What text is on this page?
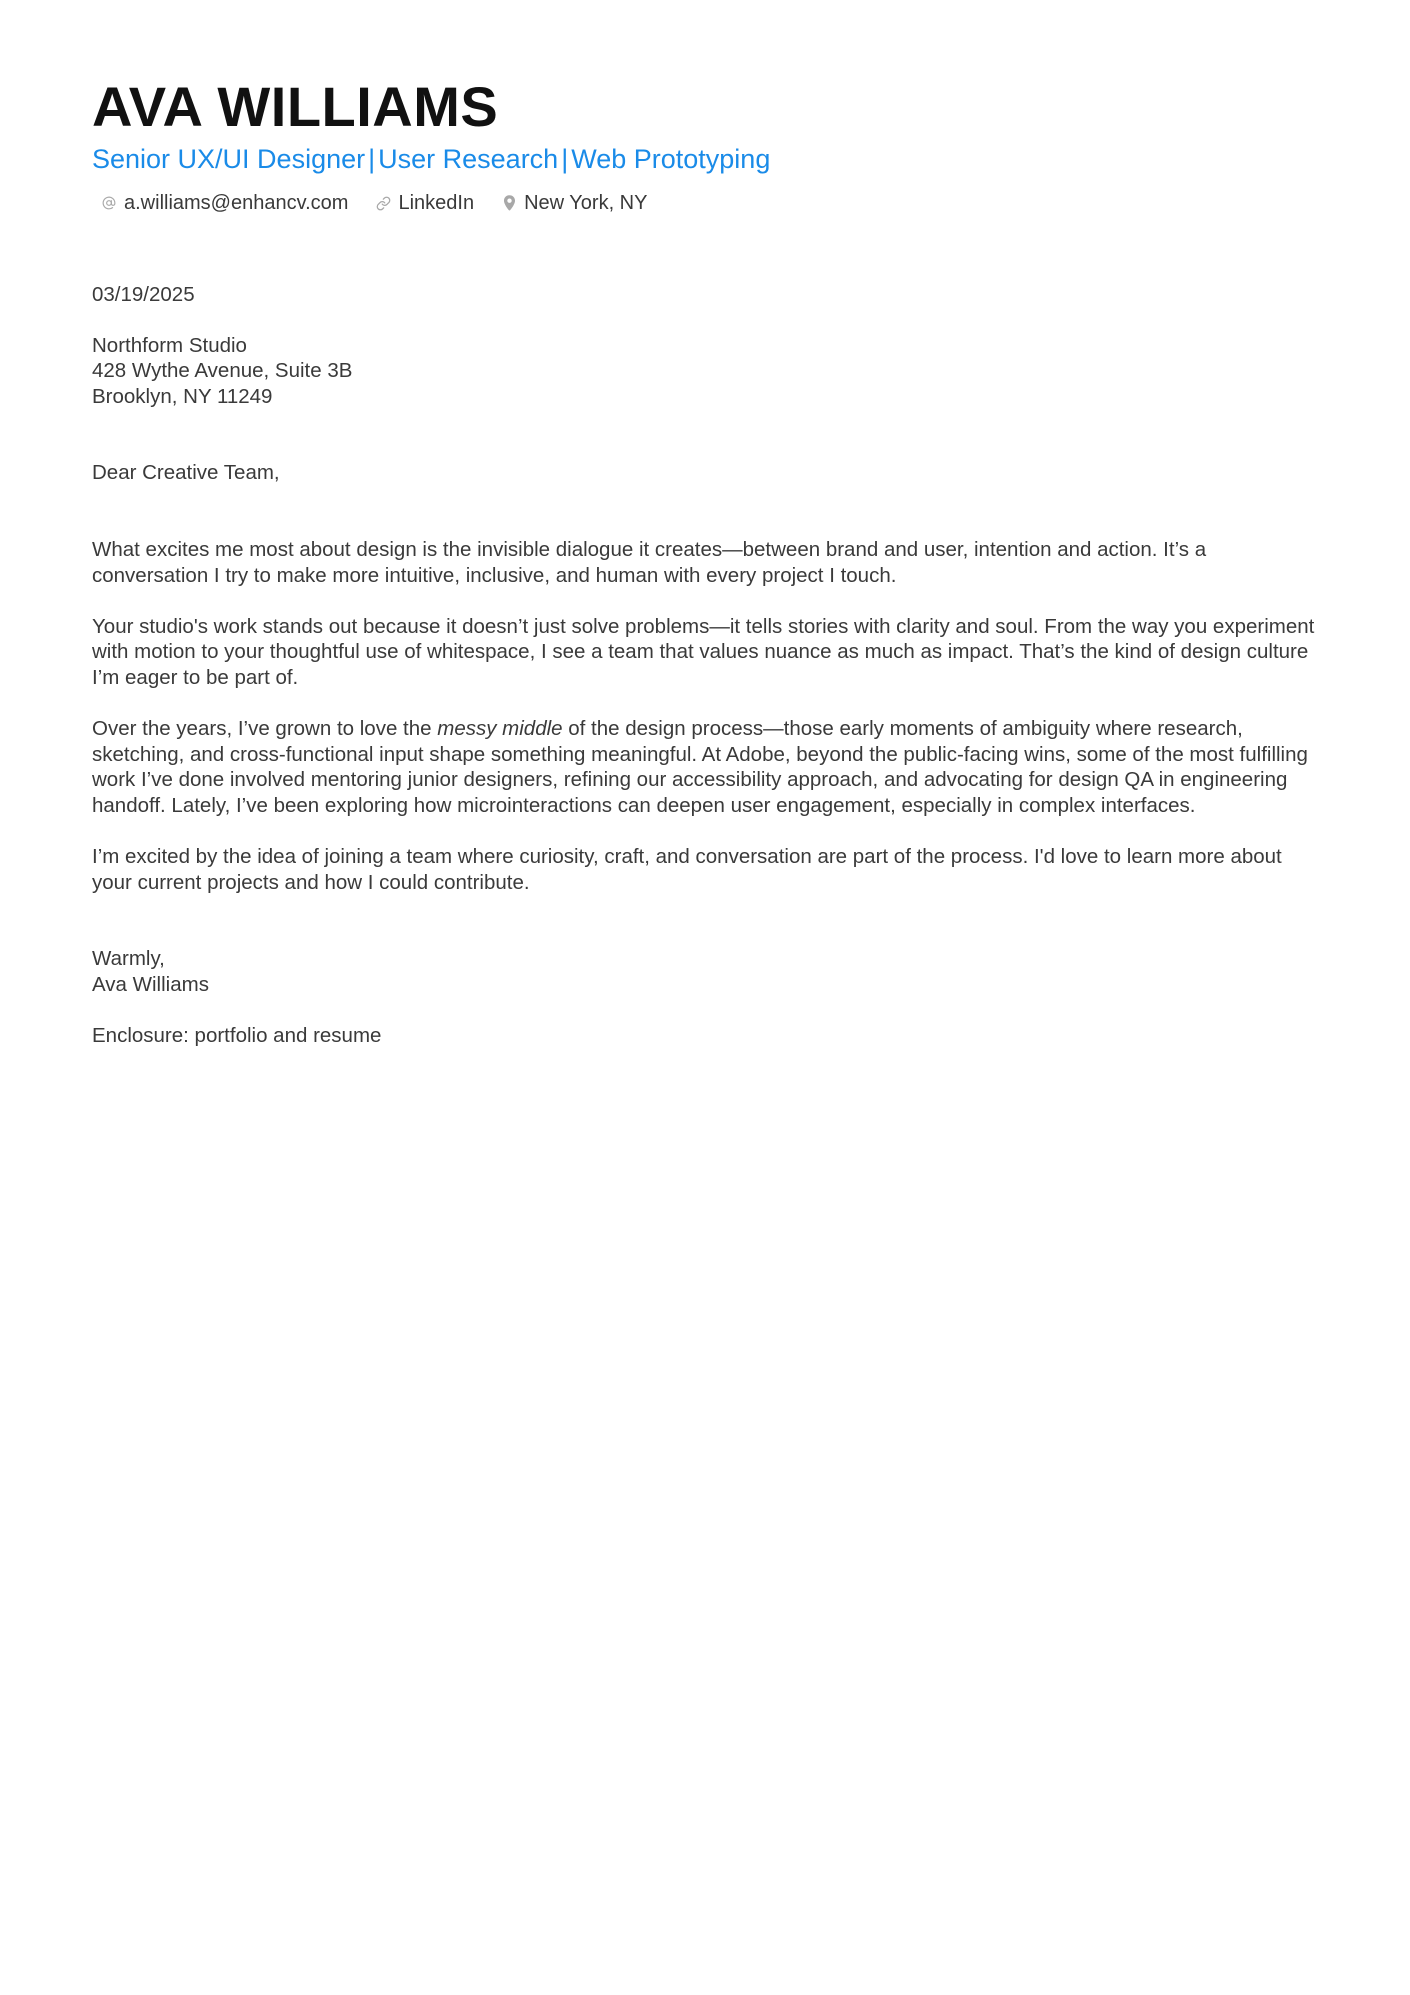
AVA WILLIAMS
Senior UX/UI Designer | User Research | Web Prototyping
a.williams@enhancv.com	LinkedIn	New York, NY
03/19/2025
Northform Studio
428 Wythe Avenue, Suite 3B
Brooklyn, NY 11249
Dear Creative Team,

What excites me most about design is the invisible dialogue it creates—between brand and user, intention and action. It’s a conversation I try to make more intuitive, inclusive, and human with every project I touch.

Your studio's work stands out because it doesn’t just solve problems—it tells stories with clarity and soul. From the way you experiment with motion to your thoughtful use of whitespace, I see a team that values nuance as much as impact. That’s the kind of design culture I’m eager to be part of.

Over the years, I’ve grown to love the messy middle of the design process—those early moments of ambiguity where research, sketching, and cross-functional input shape something meaningful. At Adobe, beyond the public-facing wins, some of the most fulfilling work I’ve done involved mentoring junior designers, refining our accessibility approach, and advocating for design QA in engineering handoff. Lately, I’ve been exploring how microinteractions can deepen user engagement, especially in complex interfaces.

I’m excited by the idea of joining a team where curiosity, craft, and conversation are part of the process. I'd love to learn more about your current projects and how I could contribute.

Warmly,
Ava Williams
Enclosure: portfolio and resume
